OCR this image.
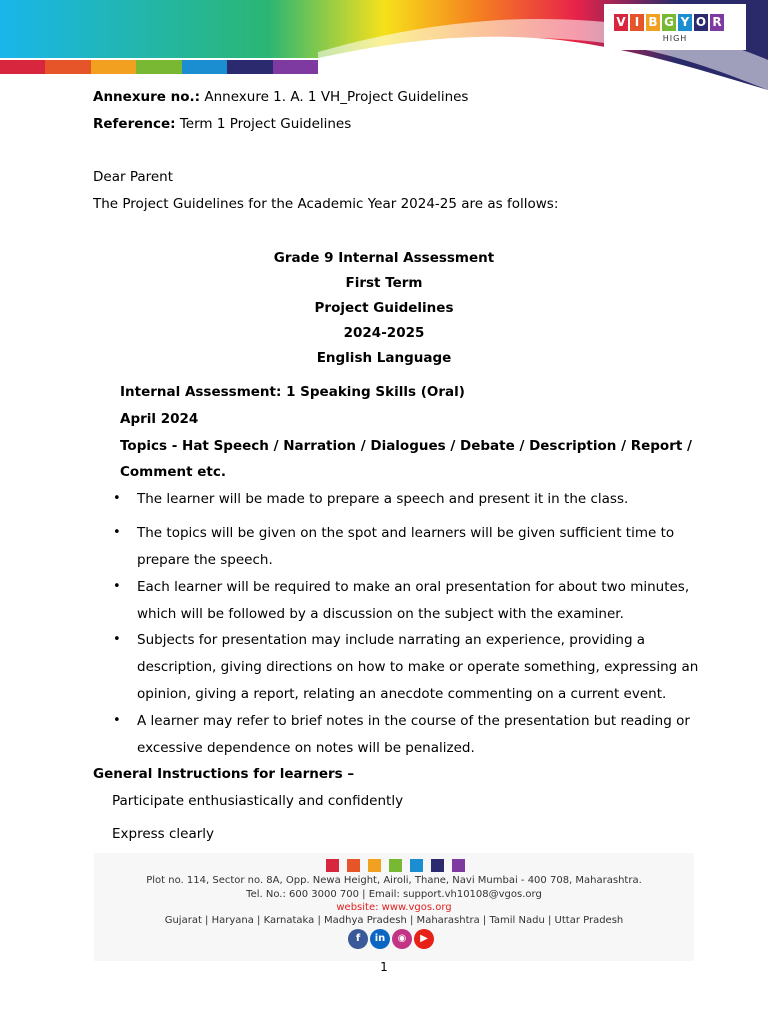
V I B G Y O R
HIGH
Annexure no.: Annexure 1. A. 1 VH_Project Guidelines
Reference: Term 1 Project Guidelines
Dear Parent
The Project Guidelines for the Academic Year 2024-25 are as follows:
Grade 9 Internal Assessment
First Term
Project Guidelines
2024-2025
English Language
Internal Assessment: 1 Speaking Skills (Oral)
April 2024
Topics - Hat Speech / Narration / Dialogues / Debate / Description / Report /
Comment etc.
• The learner will be made to prepare a speech and present it in the class.
• The topics will be given on the spot and learners will be given sufficient time to
prepare the speech.
• Each learner will be required to make an oral presentation for about two minutes,
which will be followed by a discussion on the subject with the examiner.
• Subjects for presentation may include narrating an experience, providing a
description, giving directions on how to make or operate something, expressing an
opinion, giving a report, relating an anecdote commenting on a current event.
• A learner may refer to brief notes in the course of the presentation but reading or
excessive dependence on notes will be penalized.
General Instructions for learners –
Participate enthusiastically and confidently
Express clearly
Plot no. 114, Sector no. 8A, Opp. Newa Height, Airoli, Thane, Navi Mumbai - 400 708, Maharashtra.
Tel. No.: 600 3000 700 | Email: support.vh10108@vgos.org
website: www.vgos.org
Gujarat | Haryana | Karnataka | Madhya Pradesh | Maharashtra | Tamil Nadu | Uttar Pradesh
f	in	◉	▶
1
